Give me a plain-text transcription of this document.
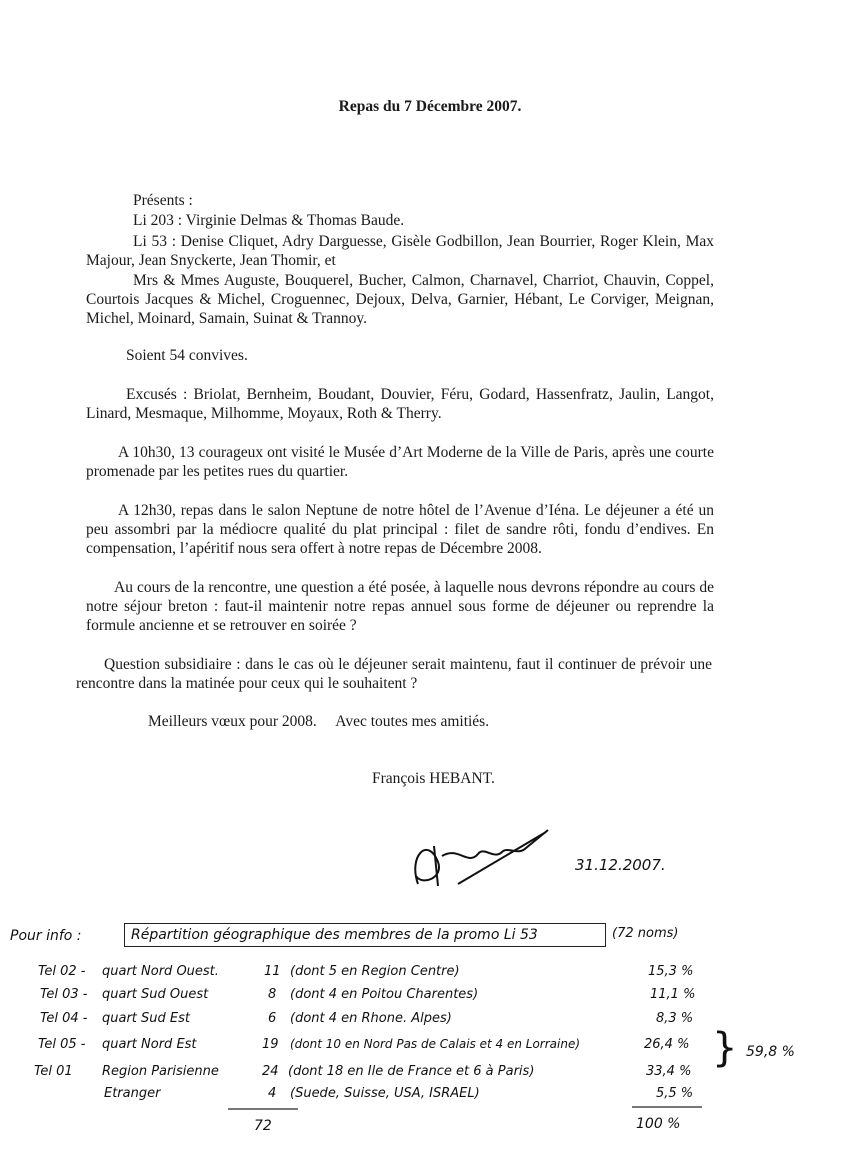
Repas du 7 Décembre 2007.
Présents :
Li 203 : Virginie Delmas & Thomas Baude.
Li 53 : Denise Cliquet, Adry Darguesse, Gisèle Godbillon, Jean Bourrier, Roger Klein, Max Majour, Jean Snyckerte, Jean Thomir, et
Mrs & Mmes Auguste, Bouquerel, Bucher, Calmon, Charnavel, Charriot, Chauvin, Coppel, Courtois Jacques & Michel, Croguennec, Dejoux, Delva, Garnier, Hébant, Le Corviger, Meignan, Michel, Moinard, Samain, Suinat & Trannoy.
Soient 54 convives.
Excusés : Briolat, Bernheim, Boudant, Douvier, Féru, Godard, Hassenfratz, Jaulin, Langot, Linard, Mesmaque, Milhomme, Moyaux, Roth & Therry.
A 10h30, 13 courageux ont visité le Musée d’Art Moderne de la Ville de Paris, après une courte promenade par les petites rues du quartier.
A 12h30, repas dans le salon Neptune de notre hôtel de l’Avenue d’Iéna. Le déjeuner a été un peu assombri par la médiocre qualité du plat principal : filet de sandre rôti, fondu d’endives. En compensation, l’apéritif nous sera offert à notre repas de Décembre 2008.
Au cours de la rencontre, une question a été posée, à laquelle nous devrons répondre au cours de notre séjour breton : faut-il maintenir notre repas annuel sous forme de déjeuner ou reprendre la formule ancienne et se retrouver en soirée ?
Question subsidiaire : dans le cas où le déjeuner serait maintenu, faut il continuer de prévoir une rencontre dans la matinée pour ceux qui le souhaitent ?
Meilleurs vœux pour 2008.     Avec toutes mes amitiés.
François HEBANT.
31.12.2007.
Pour info :	Répartition géographique des membres de la promo Li 53	(72 noms)
Tel 02 - quart Nord Ouest.	11 (dont 5 en Region Centre)	15,3 %
Tel 03 - quart Sud Ouest	8 (dont 4 en Poitou Charentes)	11,1 %
Tel 04 - quart Sud Est	6 (dont 4 en Rhone. Alpes)	8,3 %
Tel 05 - quart Nord Est	19 (dont 10 en Nord Pas de Calais et 4 en Lorraine)	26,4 %
Tel 01 Region Parisienne	24 (dont 18 en Ile de France et 6 à Paris)	33,4 %
Etranger	4 (Suede, Suisse, USA, ISRAEL)	5,5 %
} 59,8 %
72	100 %
